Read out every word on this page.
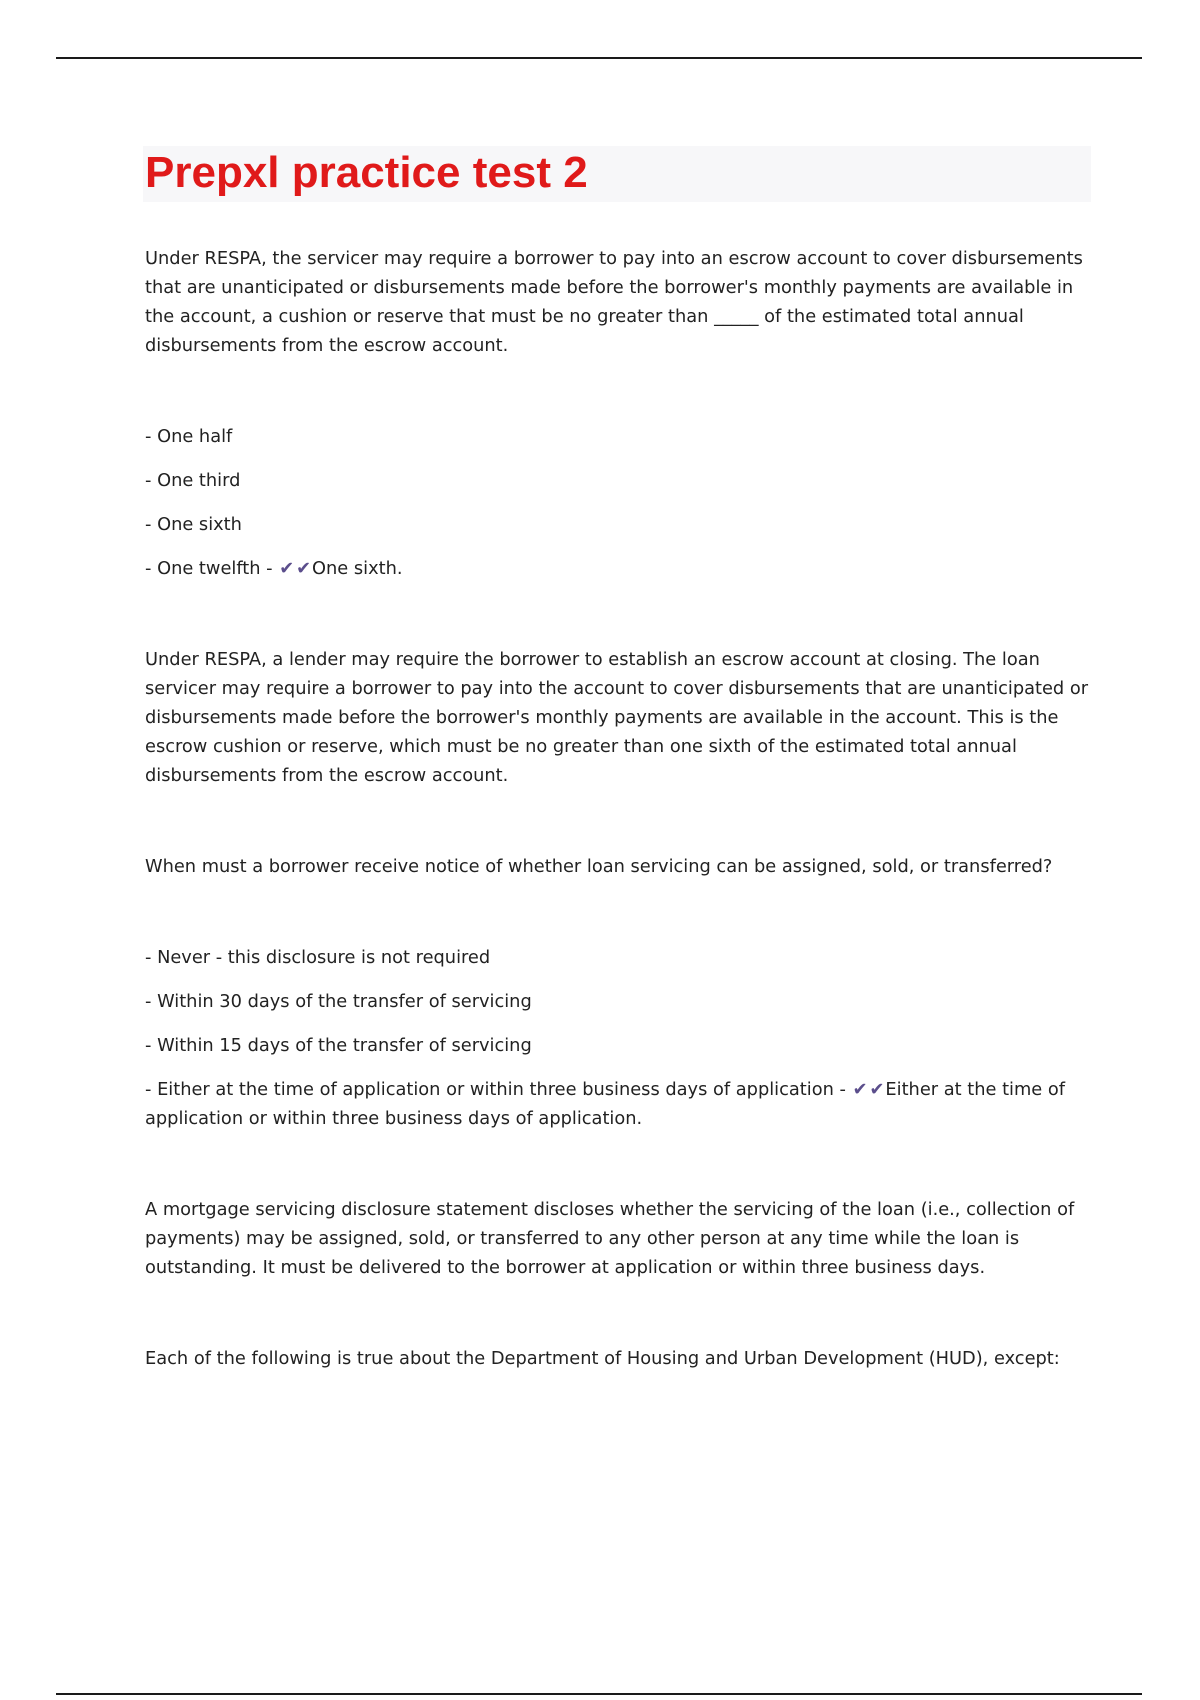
Prepxl practice test 2

Under RESPA, the servicer may require a borrower to pay into an escrow account to cover disbursements that are unanticipated or disbursements made before the borrower's monthly payments are available in the account, a cushion or reserve that must be no greater than _____ of the estimated total annual disbursements from the escrow account.

- One half

- One third

- One sixth

- One twelfth - ✔ ✔One sixth.

Under RESPA, a lender may require the borrower to establish an escrow account at closing. The loan servicer may require a borrower to pay into the account to cover disbursements that are unanticipated or disbursements made before the borrower's monthly payments are available in the account. This is the escrow cushion or reserve, which must be no greater than one sixth of the estimated total annual disbursements from the escrow account.

When must a borrower receive notice of whether loan servicing can be assigned, sold, or transferred?

- Never - this disclosure is not required

- Within 30 days of the transfer of servicing

- Within 15 days of the transfer of servicing

- Either at the time of application or within three business days of application - ✔ ✔Either at the time of application or within three business days of application.

A mortgage servicing disclosure statement discloses whether the servicing of the loan (i.e., collection of payments) may be assigned, sold, or transferred to any other person at any time while the loan is outstanding. It must be delivered to the borrower at application or within three business days.

Each of the following is true about the Department of Housing and Urban Development (HUD), except:
